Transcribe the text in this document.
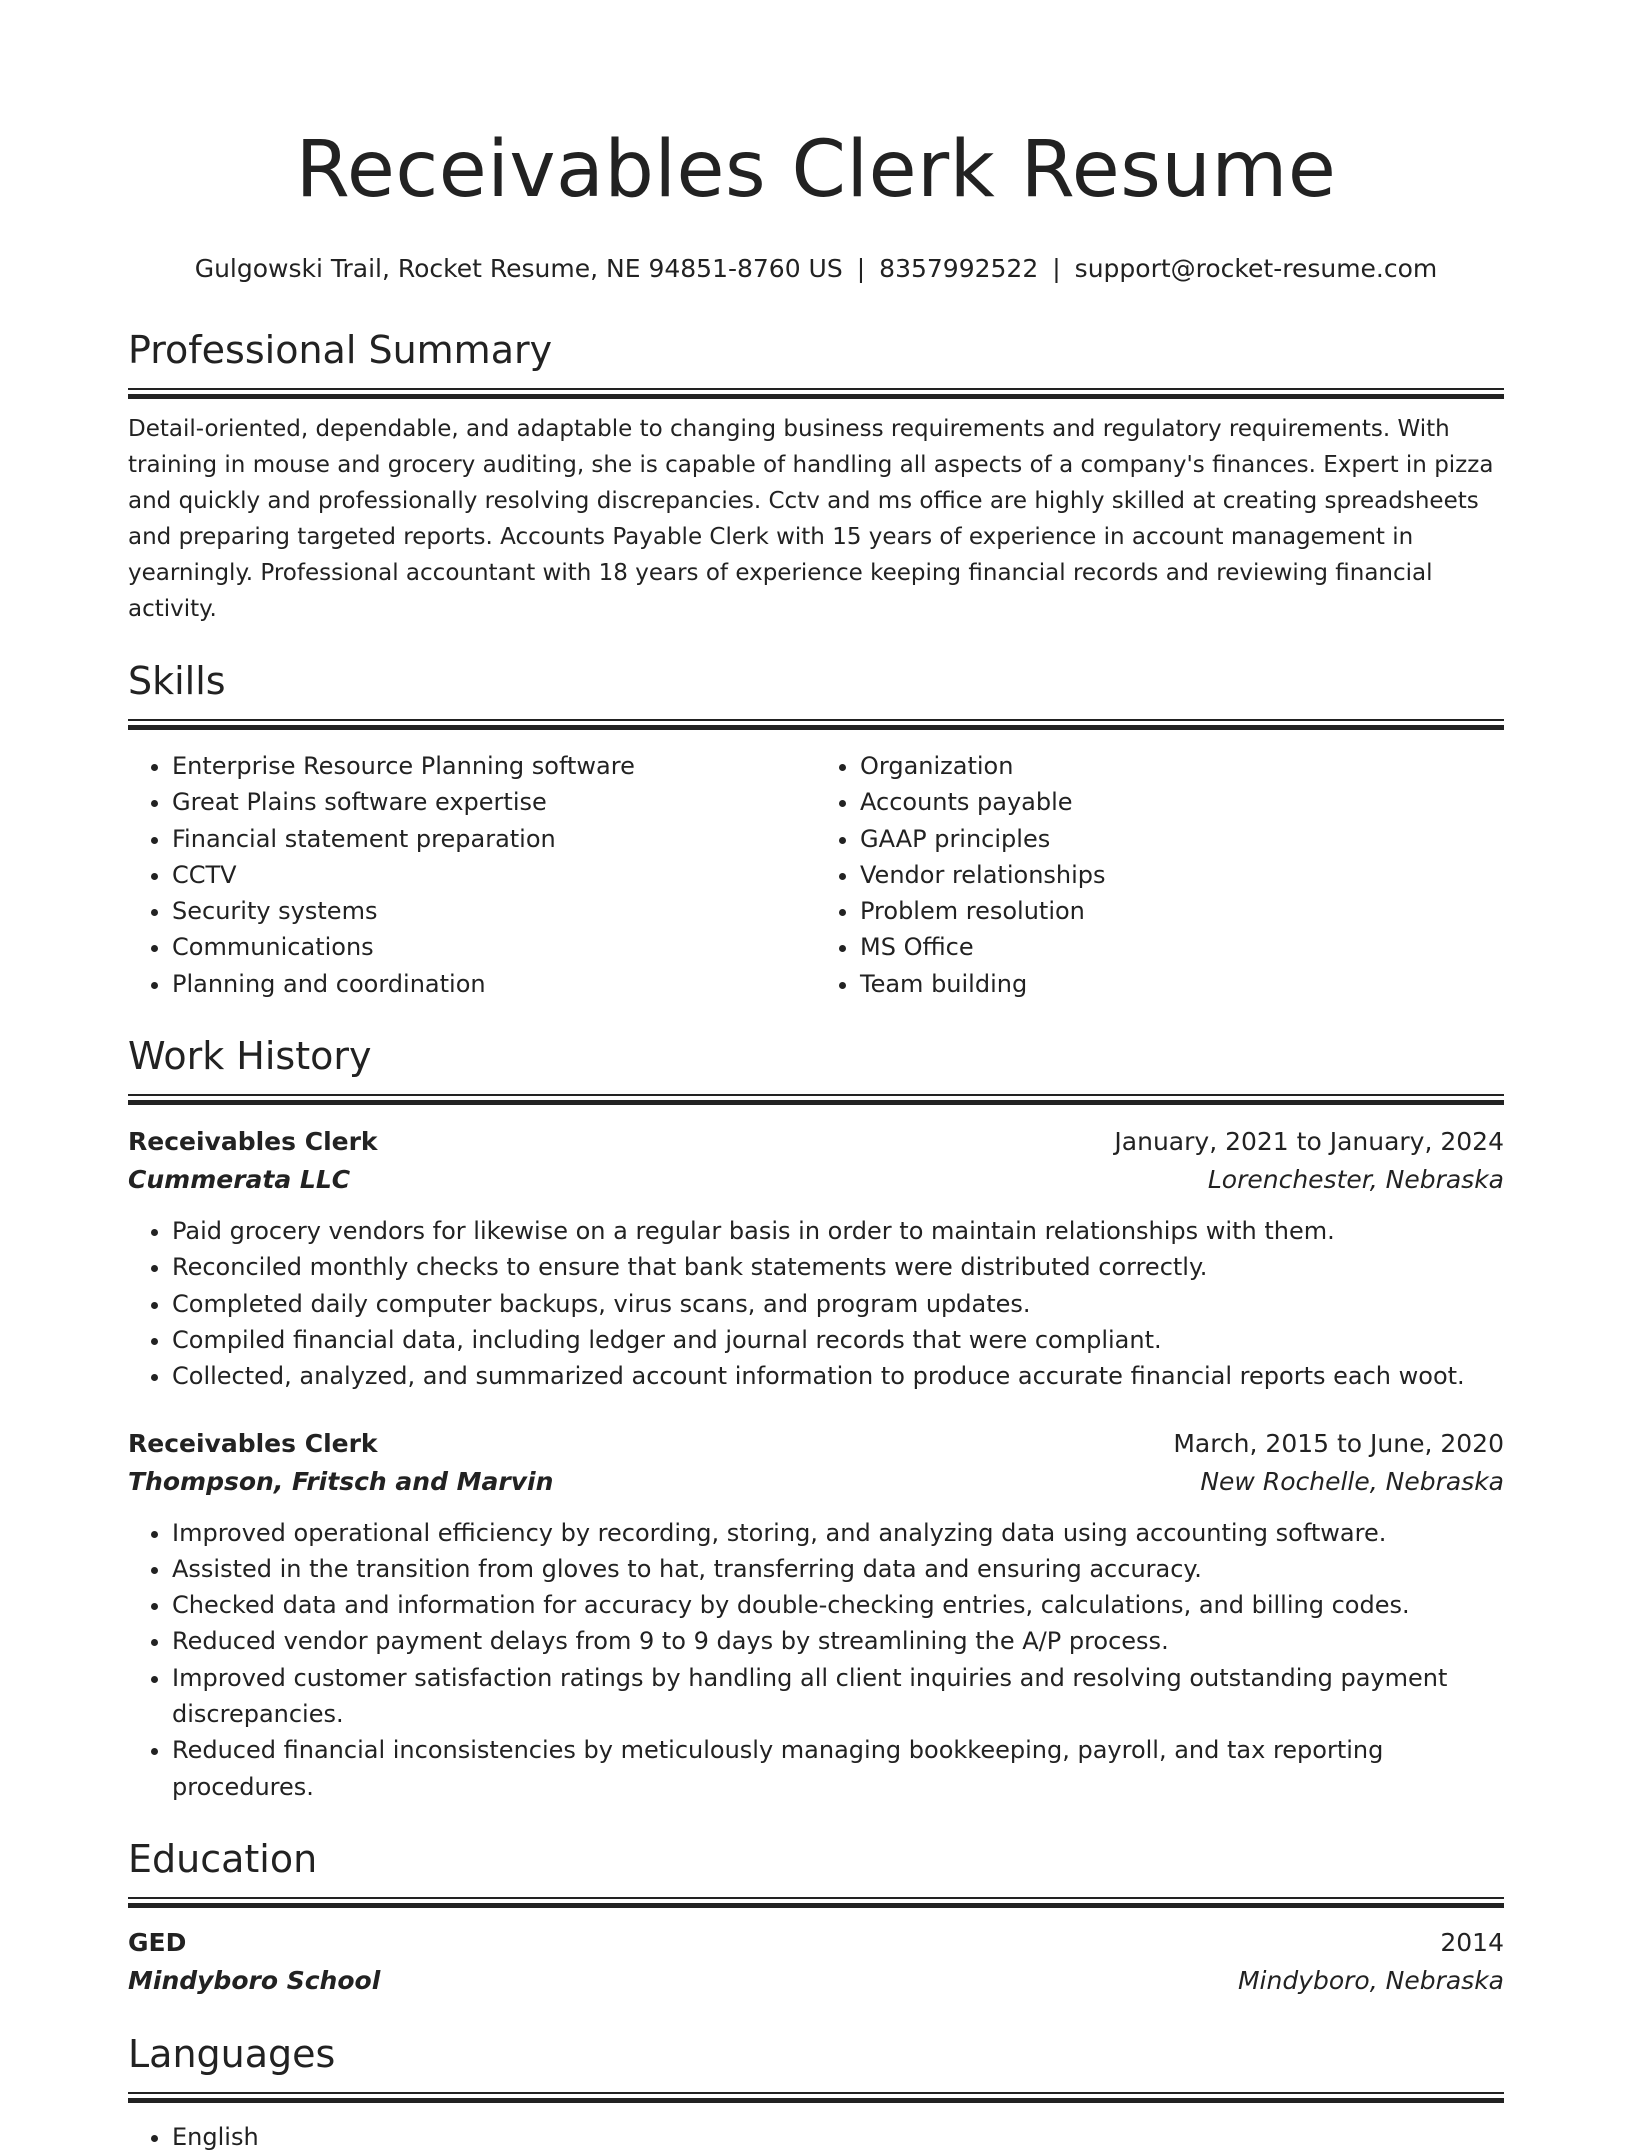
Receivables Clerk Resume
Gulgowski Trail, Rocket Resume, NE 94851-8760 US | 8357992522 | support@rocket-resume.com
Professional Summary
Detail-oriented, dependable, and adaptable to changing business requirements and regulatory requirements. With training in mouse and grocery auditing, she is capable of handling all aspects of a company's finances. Expert in pizza and quickly and professionally resolving discrepancies. Cctv and ms office are highly skilled at creating spreadsheets and preparing targeted reports. Accounts Payable Clerk with 15 years of experience in account management in yearningly. Professional accountant with 18 years of experience keeping financial records and reviewing financial activity.
Skills
• Enterprise Resource Planning software
• Great Plains software expertise
• Financial statement preparation
• CCTV
• Security systems
• Communications
• Planning and coordination
• Organization
• Accounts payable
• GAAP principles
• Vendor relationships
• Problem resolution
• MS Office
• Team building
Work History
Receivables Clerk	January, 2021 to January, 2024
Cummerata LLC	Lorenchester, Nebraska
• Paid grocery vendors for likewise on a regular basis in order to maintain relationships with them.
• Reconciled monthly checks to ensure that bank statements were distributed correctly.
• Completed daily computer backups, virus scans, and program updates.
• Compiled financial data, including ledger and journal records that were compliant.
• Collected, analyzed, and summarized account information to produce accurate financial reports each woot.
Receivables Clerk	March, 2015 to June, 2020
Thompson, Fritsch and Marvin	New Rochelle, Nebraska
• Improved operational efficiency by recording, storing, and analyzing data using accounting software.
• Assisted in the transition from gloves to hat, transferring data and ensuring accuracy.
• Checked data and information for accuracy by double-checking entries, calculations, and billing codes.
• Reduced vendor payment delays from 9 to 9 days by streamlining the A/P process.
• Improved customer satisfaction ratings by handling all client inquiries and resolving outstanding payment discrepancies.
• Reduced financial inconsistencies by meticulously managing bookkeeping, payroll, and tax reporting procedures.
Education
GED	2014
Mindyboro School	Mindyboro, Nebraska
Languages
• English
